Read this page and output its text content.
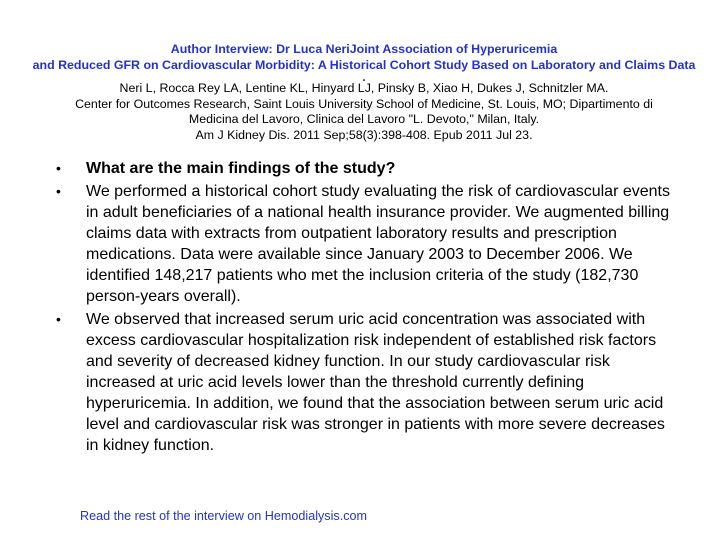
Author Interview: Dr Luca NeriJoint Association of Hyperuricemia
and Reduced GFR on Cardiovascular Morbidity: A Historical Cohort Study Based on Laboratory and Claims Data
.
Neri L, Rocca Rey LA, Lentine KL, Hinyard LJ, Pinsky B, Xiao H, Dukes J, Schnitzler MA.
Center for Outcomes Research, Saint Louis University School of Medicine, St. Louis, MO; Dipartimento di
Medicina del Lavoro, Clinica del Lavoro "L. Devoto," Milan, Italy.
Am J Kidney Dis. 2011 Sep;58(3):398-408. Epub 2011 Jul 23.
• What are the main findings of the study?
• We performed a historical cohort study evaluating the risk of cardiovascular events in adult beneficiaries of a national health insurance provider. We augmented billing claims data with extracts from outpatient laboratory results and prescription medications. Data were available since January 2003 to December 2006. We identified 148,217 patients who met the inclusion criteria of the study (182,730 person-years overall).
• We observed that increased serum uric acid concentration was associated with excess cardiovascular hospitalization risk independent of established risk factors and severity of decreased kidney function. In our study cardiovascular risk increased at uric acid levels lower than the threshold currently defining hyperuricemia. In addition, we found that the association between serum uric acid level and cardiovascular risk was stronger in patients with more severe decreases in kidney function.
Read the rest of the interview on Hemodialysis.com
